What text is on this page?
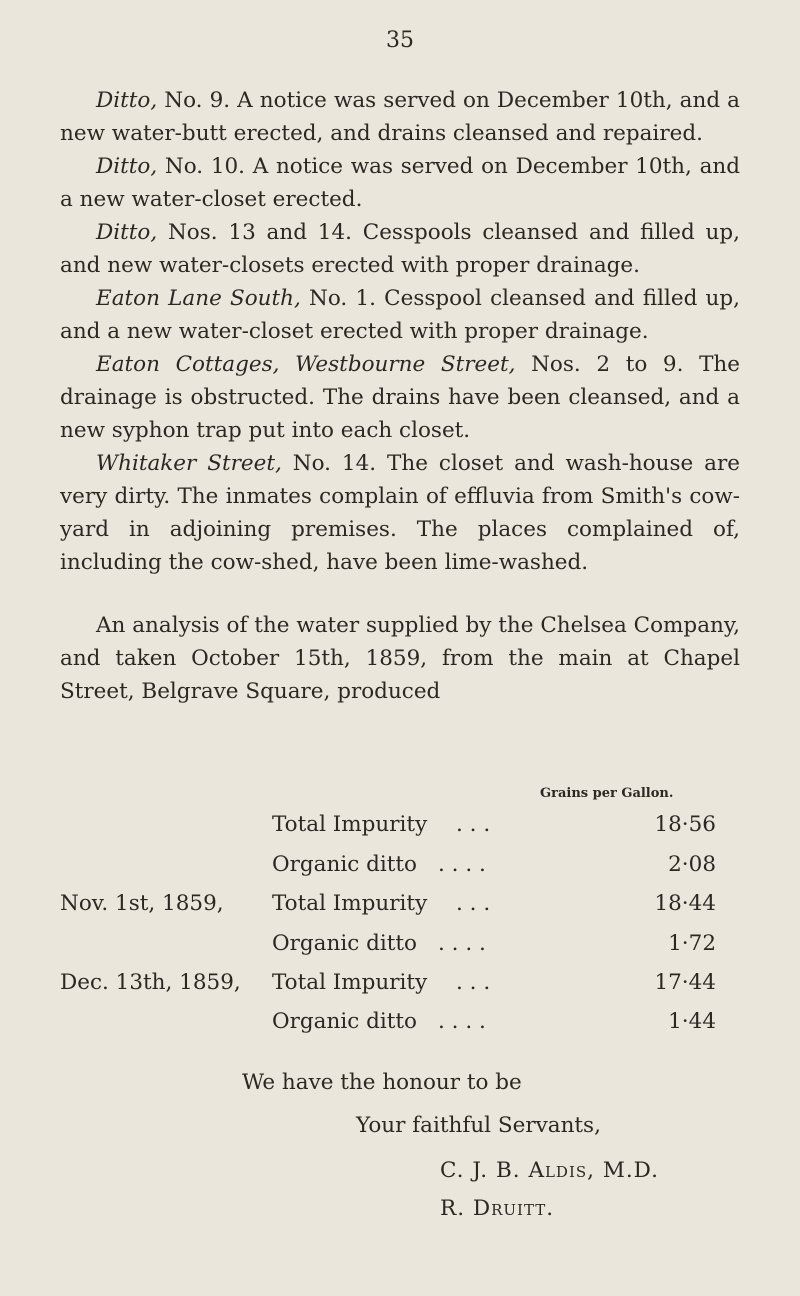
35

Ditto, No. 9. A notice was served on December 10th, and a new water-butt erected, and drains cleansed and repaired.

Ditto, No. 10. A notice was served on December 10th, and a new water-closet erected.

Ditto, Nos. 13 and 14. Cesspools cleansed and filled up, and new water-closets erected with proper drainage.

Eaton Lane South, No. 1. Cesspool cleansed and filled up, and a new water-closet erected with proper drainage.

Eaton Cottages, Westbourne Street, Nos. 2 to 9. The drainage is obstructed. The drains have been cleansed, and a new syphon trap put into each closet.

Whitaker Street, No. 14. The closet and wash-house are very dirty. The inmates complain of effluvia from Smith's cow-yard in adjoining premises. The places complained of, including the cow-shed, have been lime-washed.

An analysis of the water supplied by the Chelsea Company, and taken October 15th, 1859, from the main at Chapel Street, Belgrave Square, produced

Grains per Gallon.
Total Impurity . . .	18·56
Organic ditto . . . .	2·08
Nov. 1st, 1859, Total Impurity . . .	18·44
Organic ditto . . . .	1·72
Dec. 13th, 1859, Total Impurity . . .	17·44
Organic ditto . . . .	1·44
We have the honour to be
Your faithful Servants,
C. J. B. Aldis, M.D.
R. Druitt.
